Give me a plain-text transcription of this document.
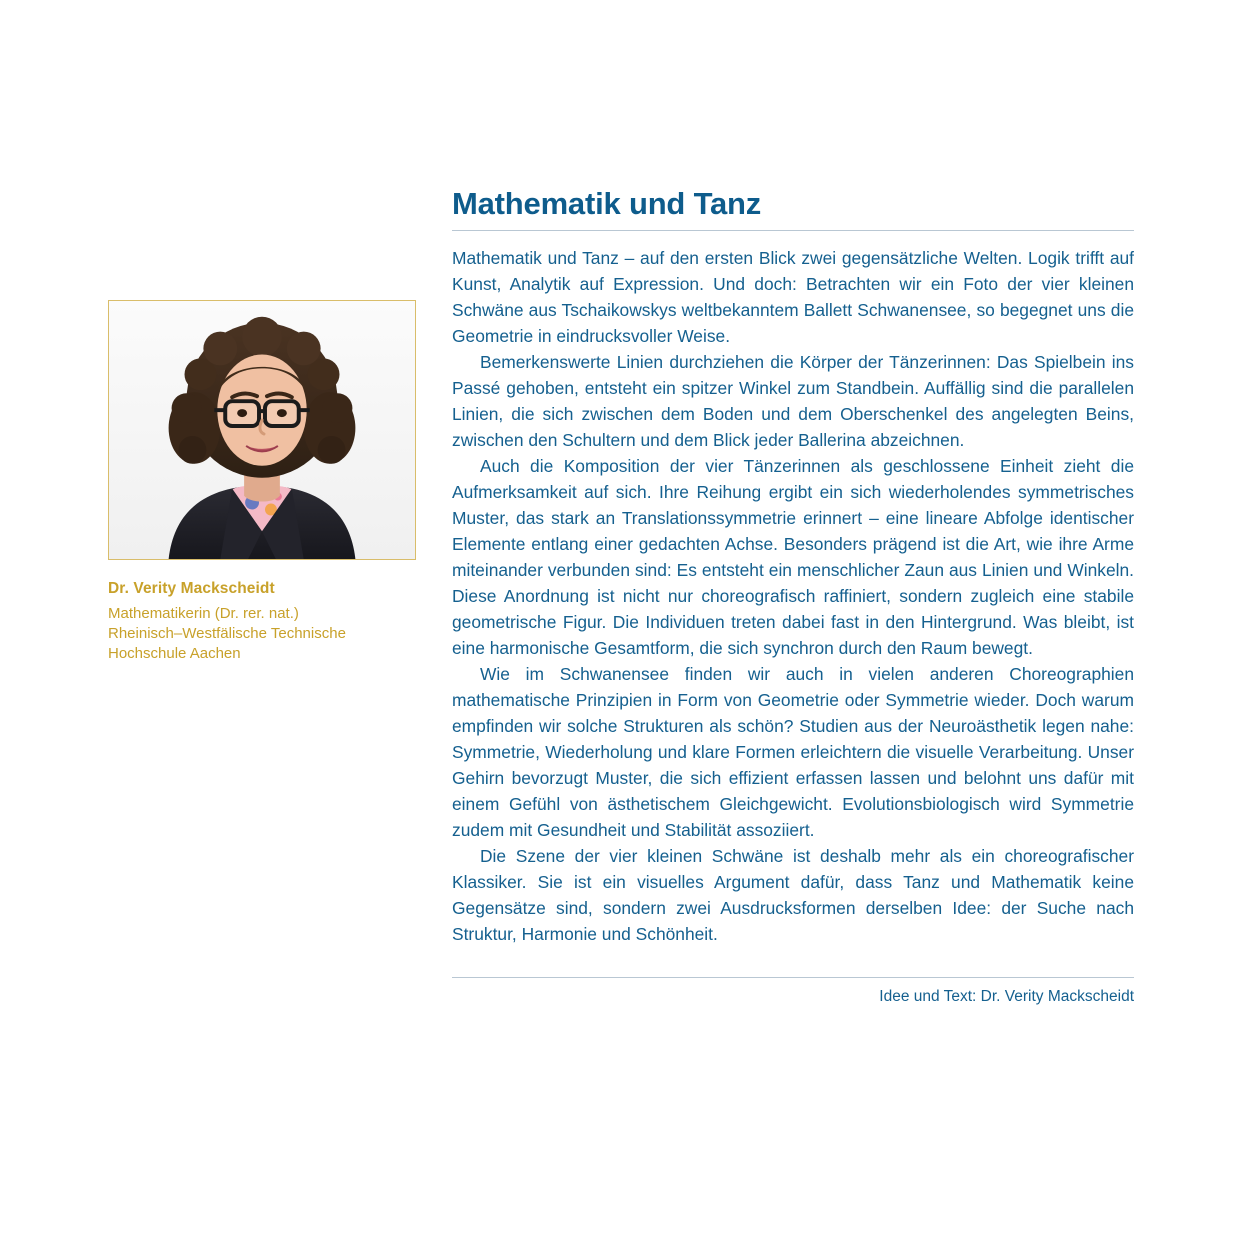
Dr. Verity Mackscheidt
Mathematikerin (Dr. rer. nat.)
Rheinisch–Westfälische Technische
Hochschule Aachen
Mathematik und Tanz

Mathematik und Tanz – auf den ersten Blick zwei gegensätzliche Welten. Logik trifft auf Kunst, Analytik auf Expression. Und doch: Betrachten wir ein Foto der vier kleinen Schwäne aus Tschaikowskys weltbekanntem Ballett Schwanensee, so begegnet uns die Geometrie in eindrucksvoller Weise.

Bemerkenswerte Linien durchziehen die Körper der Tänzerinnen: Das Spielbein ins Passé gehoben, entsteht ein spitzer Winkel zum Standbein. Auffällig sind die parallelen Linien, die sich zwischen dem Boden und dem Oberschenkel des angelegten Beins, zwischen den Schultern und dem Blick jeder Ballerina abzeichnen.

Auch die Komposition der vier Tänzerinnen als geschlossene Einheit zieht die Aufmerksamkeit auf sich. Ihre Reihung ergibt ein sich wiederholendes symmetrisches Muster, das stark an Translationssymmetrie erinnert – eine lineare Abfolge identischer Elemente entlang einer gedachten Achse. Besonders prägend ist die Art, wie ihre Arme miteinander verbunden sind: Es entsteht ein menschlicher Zaun aus Linien und Winkeln. Diese Anordnung ist nicht nur choreografisch raffiniert, sondern zugleich eine stabile geometrische Figur. Die Individuen treten dabei fast in den Hintergrund. Was bleibt, ist eine harmonische Gesamtform, die sich synchron durch den Raum bewegt.

Wie im Schwanensee finden wir auch in vielen anderen Choreographien mathematische Prinzipien in Form von Geometrie oder Symmetrie wieder. Doch warum empfinden wir solche Strukturen als schön? Studien aus der Neuroästhetik legen nahe: Symmetrie, Wiederholung und klare Formen erleichtern die visuelle Verarbeitung. Unser Gehirn bevorzugt Muster, die sich effizient erfassen lassen und belohnt uns dafür mit einem Gefühl von ästhetischem Gleichgewicht. Evolutionsbiologisch wird Symmetrie zudem mit Gesundheit und Stabilität assoziiert.

Die Szene der vier kleinen Schwäne ist deshalb mehr als ein choreografischer Klassiker. Sie ist ein visuelles Argument dafür, dass Tanz und Mathematik keine Gegensätze sind, sondern zwei Ausdrucksformen derselben Idee: der Suche nach Struktur, Harmonie und Schönheit.

Idee und Text: Dr. Verity Mackscheidt
